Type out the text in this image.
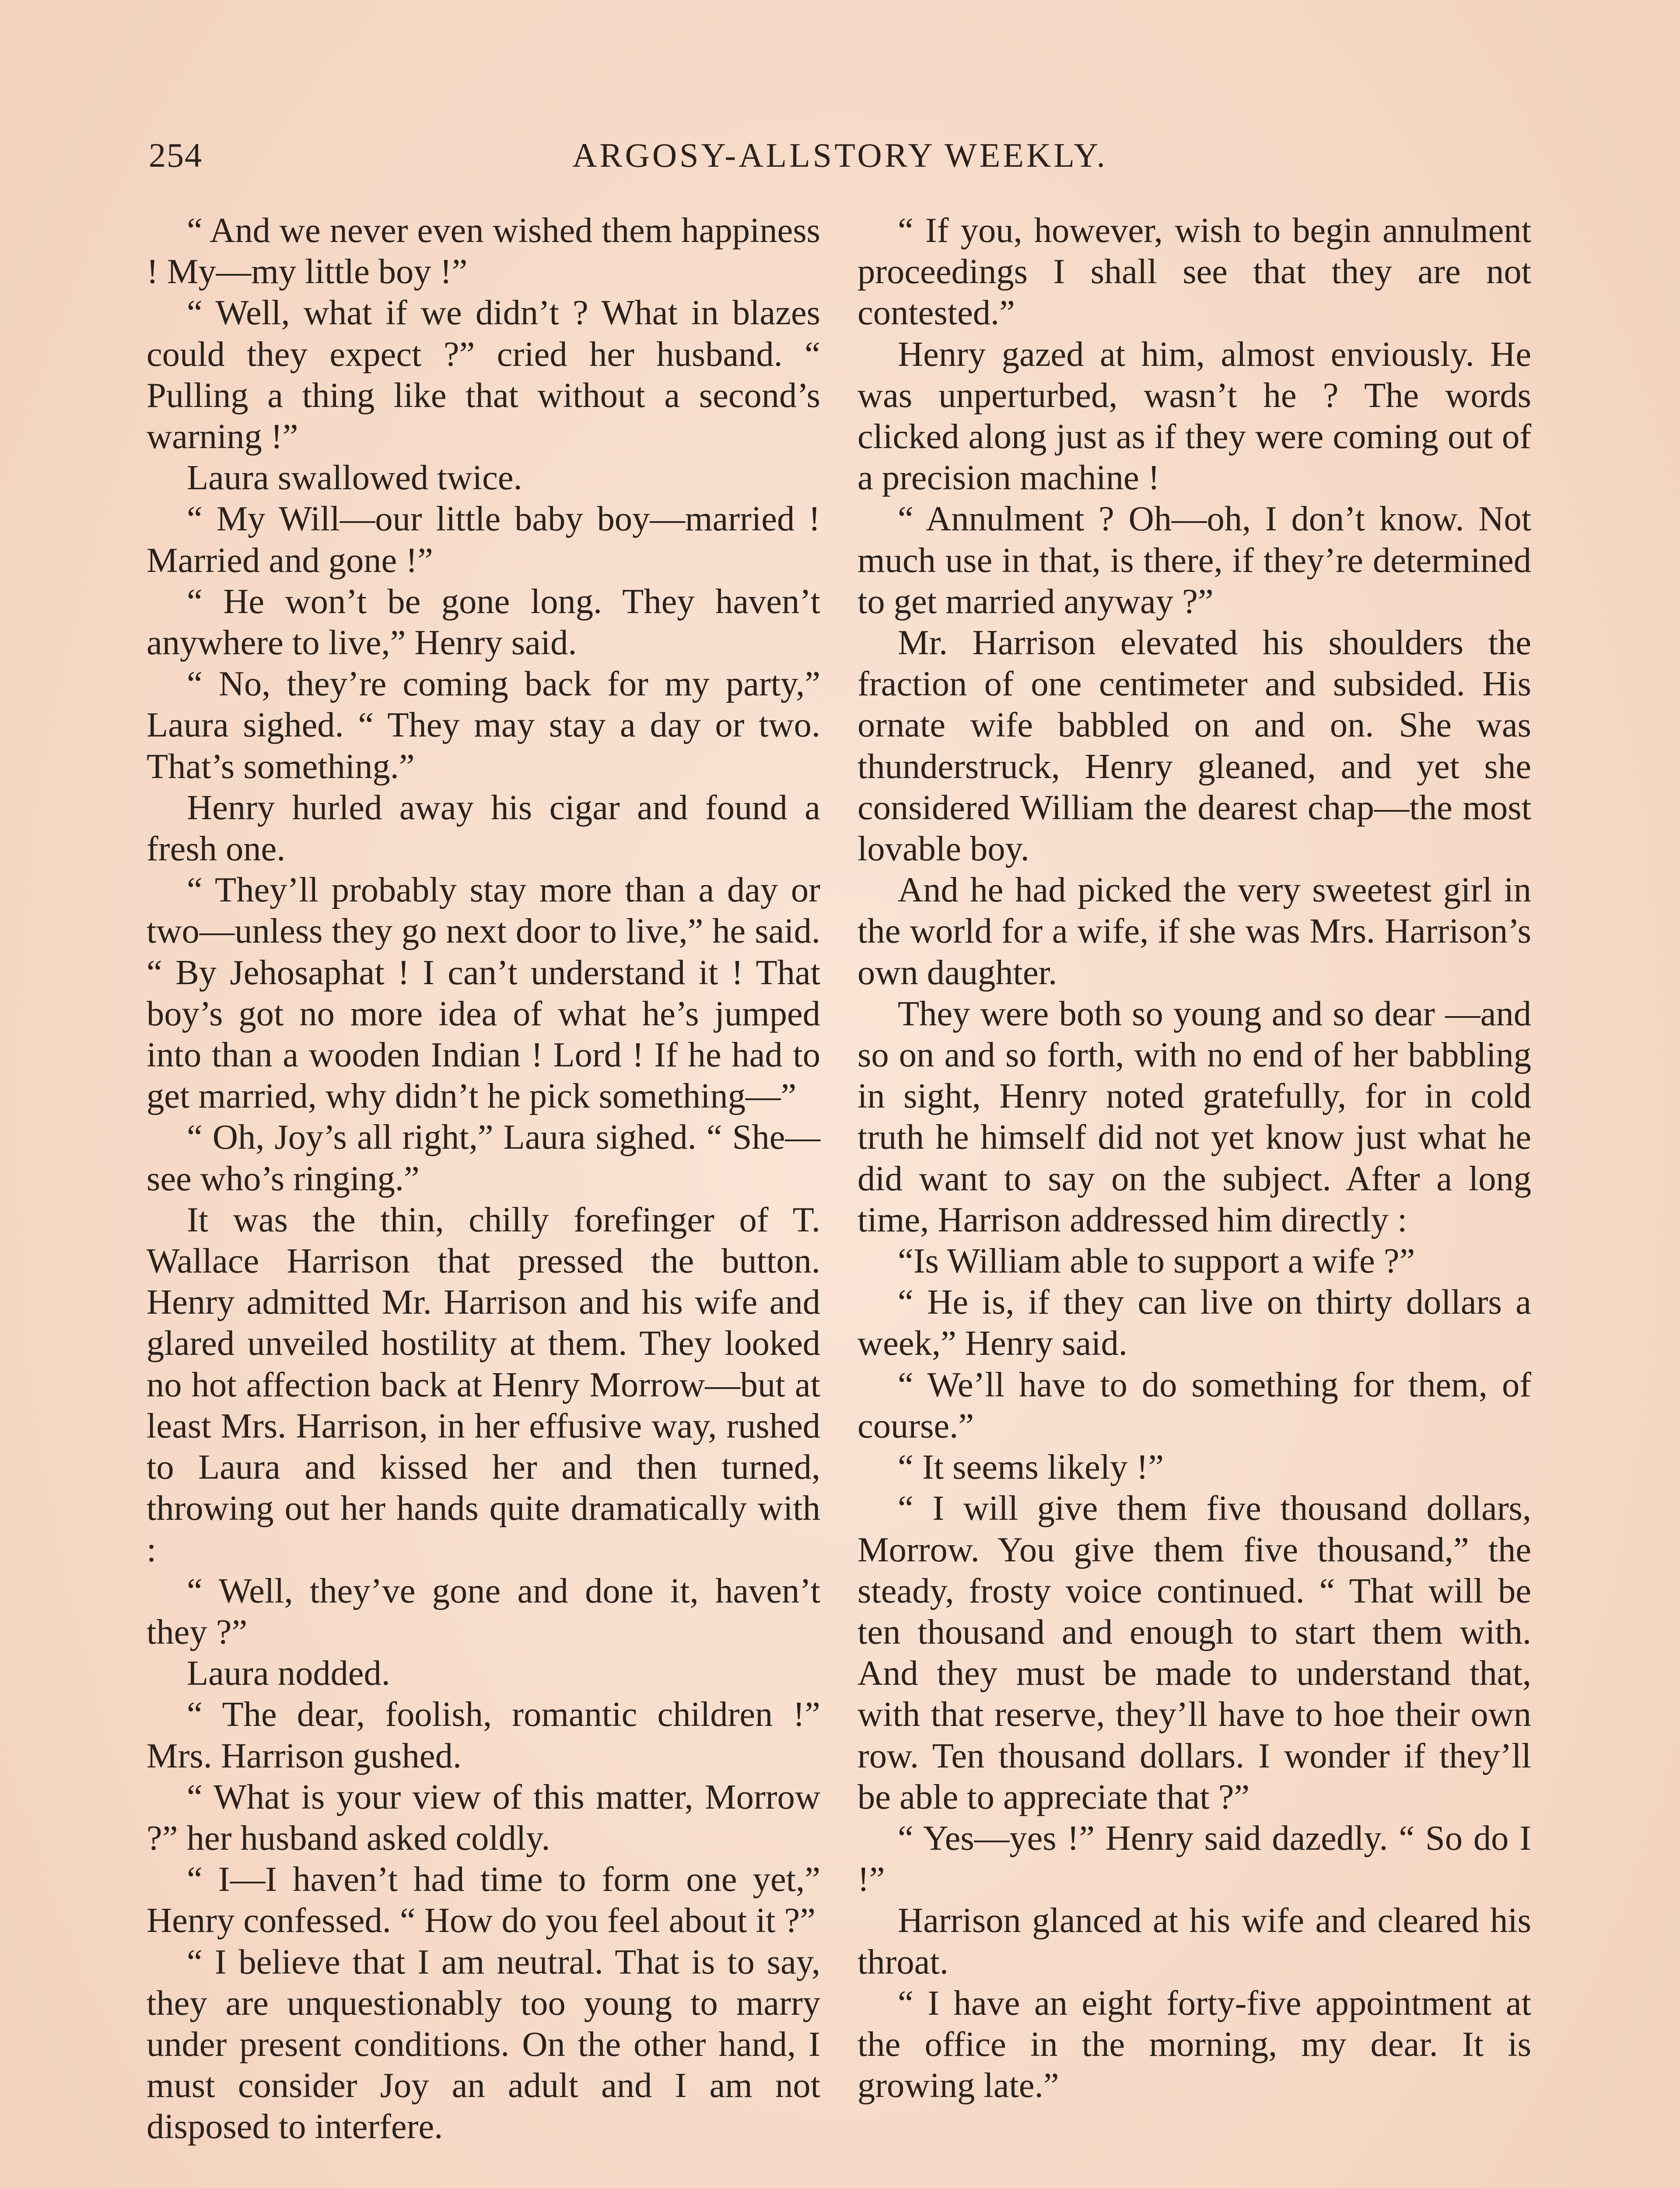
254	ARGOSY-ALLSTORY WEEKLY.

“ And we never even wished them happiness ! My—my little boy !”

“ Well, what if we didn’t ? What in blazes could they expect ?” cried her husband. “ Pulling a thing like that without a second’s warning !”

Laura swallowed twice.

“ My Will—our little baby boy—married ! Married and gone !”

“ He won’t be gone long. They haven’t anywhere to live,” Henry said.

“ No, they’re coming back for my party,” Laura sighed. “ They may stay a day or two. That’s something.”

Henry hurled away his cigar and found a fresh one.

“ They’ll probably stay more than a day or two—unless they go next door to live,” he said. “ By Jehosaphat ! I can’t understand it ! That boy’s got no more idea of what he’s jumped into than a wooden Indian ! Lord ! If he had to get married, why didn’t he pick something—”

“ Oh, Joy’s all right,” Laura sighed. “ She—see who’s ringing.”

It was the thin, chilly forefinger of T. Wallace Harrison that pressed the button. Henry admitted Mr. Harrison and his wife and glared unveiled hostility at them. They looked no hot affection back at Henry Morrow—but at least Mrs. Harrison, in her effusive way, rushed to Laura and kissed her and then turned, throwing out her hands quite dramatically with :

“ Well, they’ve gone and done it, haven’t they ?”

Laura nodded.

“ The dear, foolish, romantic children !” Mrs. Harrison gushed.

“ What is your view of this matter, Morrow ?” her husband asked coldly.

“ I—I haven’t had time to form one yet,” Henry confessed. “ How do you feel about it ?”

“ I believe that I am neutral. That is to say, they are unquestionably too young to marry under present conditions. On the other hand, I must consider Joy an adult and I am not disposed to interfere.

“ If you, however, wish to begin annulment proceedings I shall see that they are not contested.”

Henry gazed at him, almost enviously. He was unperturbed, wasn’t he ? The words clicked along just as if they were coming out of a precision machine !

“ Annulment ? Oh—oh, I don’t know. Not much use in that, is there, if they’re determined to get married anyway ?”

Mr. Harrison elevated his shoulders the fraction of one centimeter and subsided. His ornate wife babbled on and on. She was thunderstruck, Henry gleaned, and yet she considered William the dearest chap—the most lovable boy.

And he had picked the very sweetest girl in the world for a wife, if she was Mrs. Harrison’s own daughter.

They were both so young and so dear —and so on and so forth, with no end of her babbling in sight, Henry noted gratefully, for in cold truth he himself did not yet know just what he did want to say on the subject. After a long time, Harrison addressed him directly :

“Is William able to support a wife ?”

“ He is, if they can live on thirty dollars a week,” Henry said.

“ We’ll have to do something for them, of course.”

“ It seems likely !”

“ I will give them five thousand dollars, Morrow. You give them five thousand,” the steady, frosty voice continued. “ That will be ten thousand and enough to start them with. And they must be made to understand that, with that reserve, they’ll have to hoe their own row. Ten thousand dollars. I wonder if they’ll be able to appreciate that ?”

“ Yes—yes !” Henry said dazedly. “ So do I !”

Harrison glanced at his wife and cleared his throat.

“ I have an eight forty-five appointment at the office in the morning, my dear. It is growing late.”
